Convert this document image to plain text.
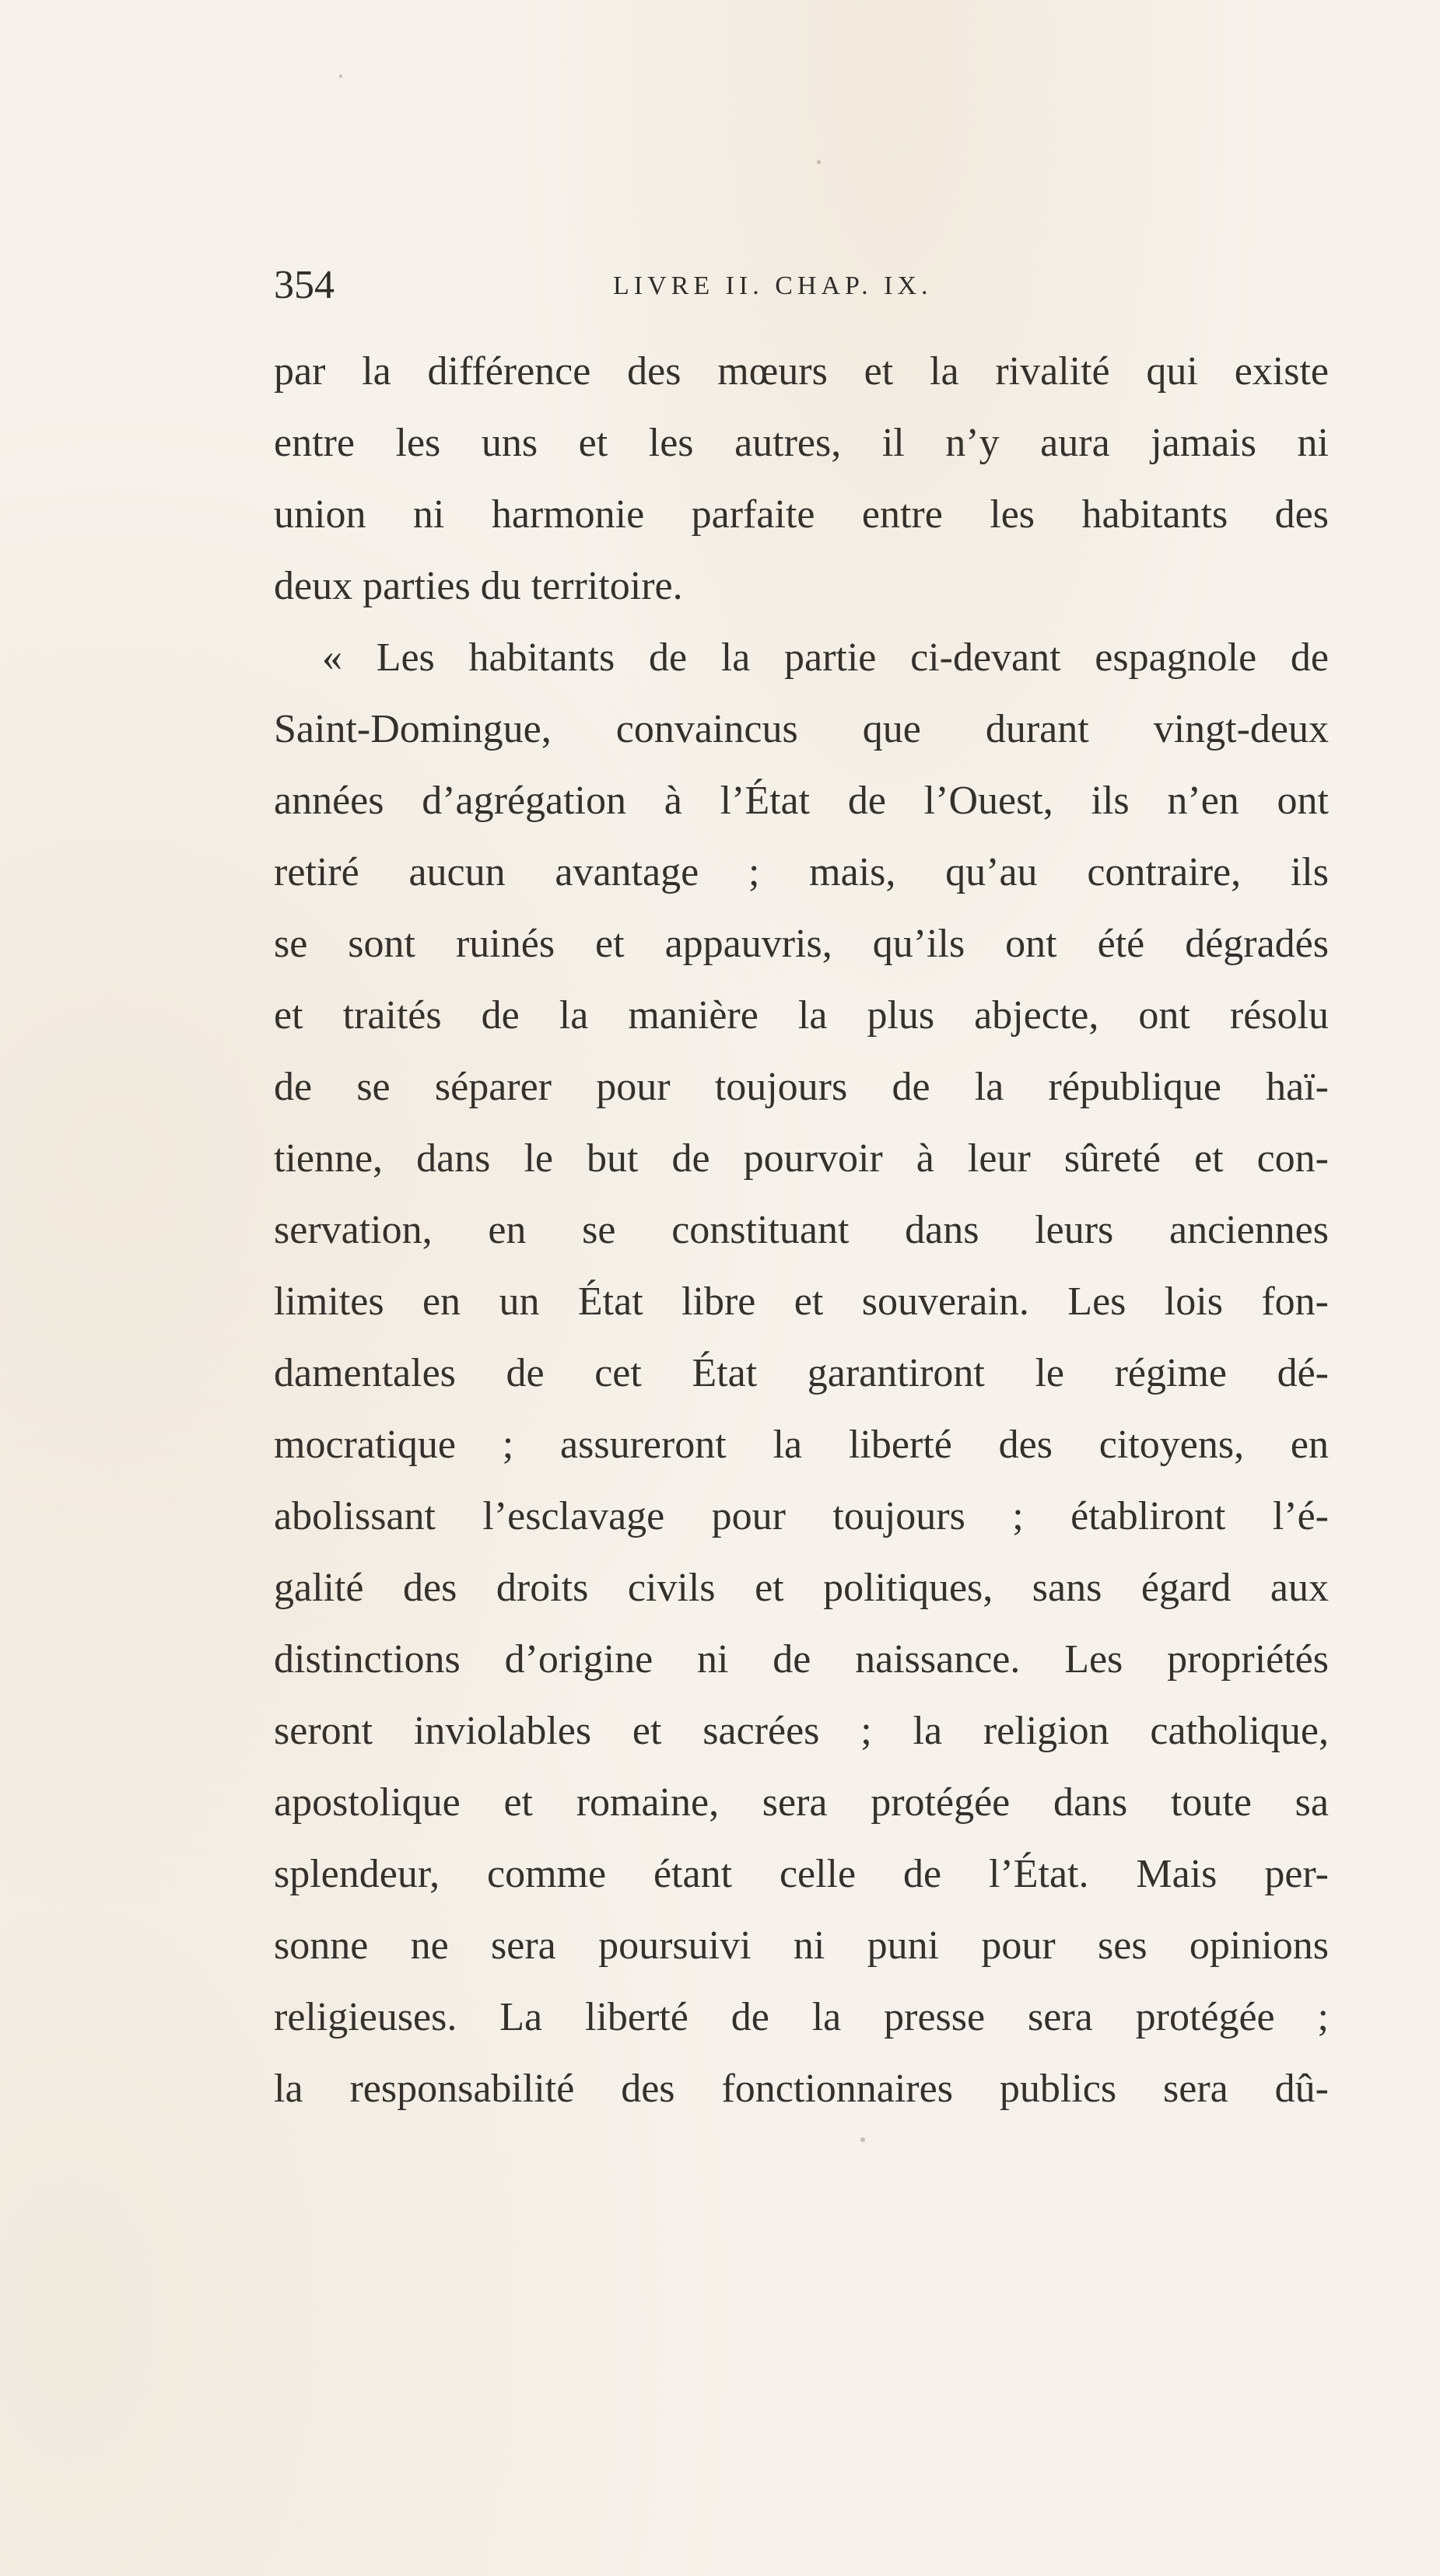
354	LIVRE II. CHAP. IX.
par la différence des mœurs et la rivalité qui existe
entre les uns et les autres, il n’y aura jamais ni
union ni harmonie parfaite entre les habitants des
deux parties du territoire.
« Les habitants de la partie ci-devant espagnole de
Saint-Domingue, convaincus que durant vingt-deux
années d’agrégation à l’État de l’Ouest, ils n’en ont
retiré aucun avantage ; mais, qu’au contraire, ils
se sont ruinés et appauvris, qu’ils ont été dégradés
et traités de la manière la plus abjecte, ont résolu
de se séparer pour toujours de la république haï-
tienne, dans le but de pourvoir à leur sûreté et con-
servation, en se constituant dans leurs anciennes
limites en un État libre et souverain. Les lois fon-
damentales de cet État garantiront le régime dé-
mocratique ; assureront la liberté des citoyens, en
abolissant l’esclavage pour toujours ; établiront l’é-
galité des droits civils et politiques, sans égard aux
distinctions d’origine ni de naissance. Les propriétés
seront inviolables et sacrées ; la religion catholique,
apostolique et romaine, sera protégée dans toute sa
splendeur, comme étant celle de l’État. Mais per-
sonne ne sera poursuivi ni puni pour ses opinions
religieuses. La liberté de la presse sera protégée ;
la responsabilité des fonctionnaires publics sera dû-
